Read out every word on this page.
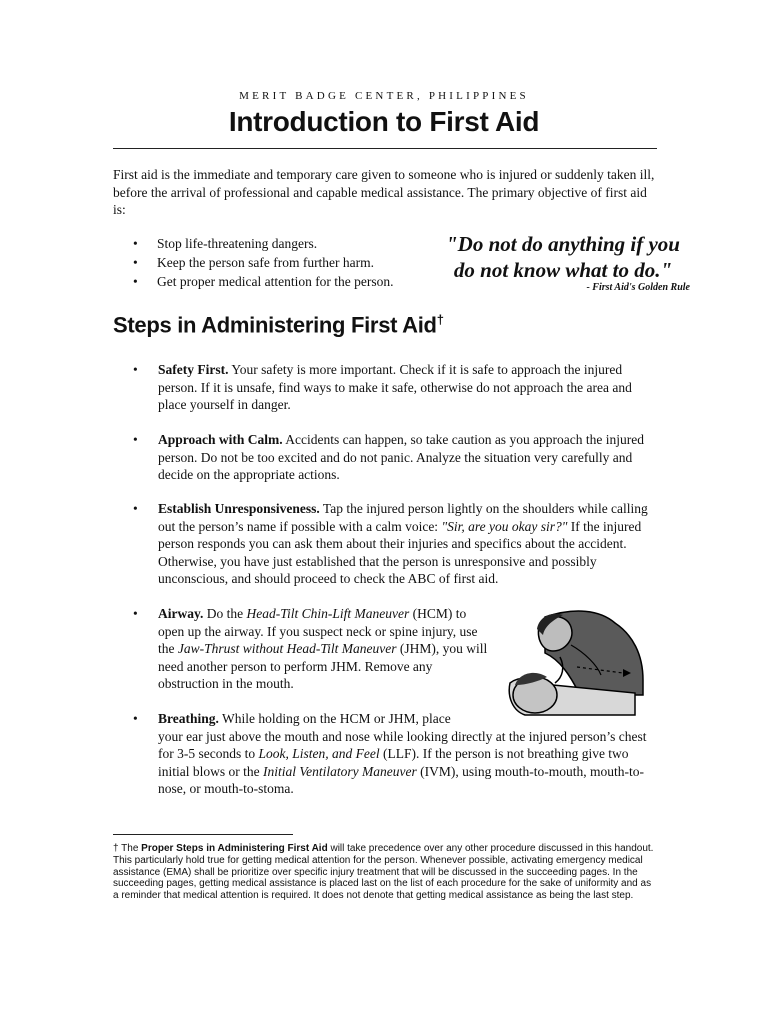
MERIT BADGE CENTER, PHILIPPINES
Introduction to First Aid
First aid is the immediate and temporary care given to someone who is injured or suddenly taken ill, before the arrival of professional and capable medical assistance. The primary objective of first aid is:
• Stop life-threatening dangers.
• Keep the person safe from further harm.
• Get proper medical attention for the person.
"Do not do anything if you
do not know what to do."
- First Aid's Golden Rule
Steps in Administering First Aid†
•	Safety First. Your safety is more important. Check if it is safe to approach the injured person. If it is unsafe, find ways to make it safe, otherwise do not approach the area and place yourself in danger.
•	Approach with Calm. Accidents can happen, so take caution as you approach the injured person. Do not be too excited and do not panic. Analyze the situation very carefully and decide on the appropriate actions.
•	Establish Unresponsiveness. Tap the injured person lightly on the shoulders while calling out the person’s name if possible with a calm voice: "Sir, are you okay sir?" If the injured person responds you can ask them about their injuries and specifics about the accident. Otherwise, you have just established that the person is unresponsive and possibly unconscious, and should proceed to check the ABC of first aid.
•	Airway. Do the Head-Tilt Chin-Lift Maneuver (HCM) to open up the airway. If you suspect neck or spine injury, use the Jaw-Thrust without Head-Tilt Maneuver (JHM), you will need another person to perform JHM. Remove any obstruction in the mouth.
• Breathing. While holding on the HCM or JHM, place
your ear just above the mouth and nose while looking directly at the injured person’s chest for 3-5 seconds to Look, Listen, and Feel (LLF). If the person is not breathing give two initial blows or the Initial Ventilatory Maneuver (IVM), using mouth-to-mouth, mouth-to-nose, or mouth-to-stoma.
† The Proper Steps in Administering First Aid will take precedence over any other procedure discussed in this handout. This particularly hold true for getting medical attention for the person. Whenever possible, activating emergency medical assistance (EMA) shall be prioritize over specific injury treatment that will be discussed in the succeeding pages. In the succeeding pages, getting medical assistance is placed last on the list of each procedure for the sake of uniformity and as a reminder that medical attention is required. It does not denote that getting medical assistance as being the last step.
